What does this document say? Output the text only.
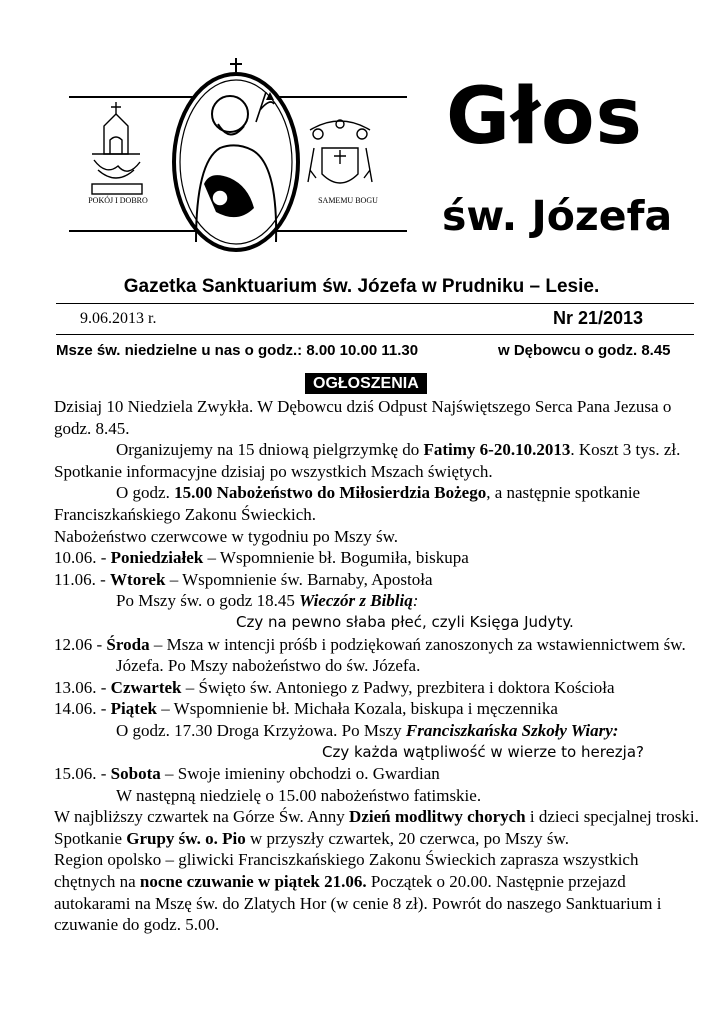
POKÓJ I DOBRO	SAMEMU BOGU
Głos
św. Józefa
Gazetka Sanktuarium św. Józefa w Prudniku – Lesie.
9.06.2013 r.	Nr 21/2013
Msze św. niedzielne u nas o godz.: 8.00 10.00 11.30	w Dębowcu o godz. 8.45
OGŁOSZENIA

Dzisiaj 10 Niedziela Zwykła. W Dębowcu dziś Odpust Najświętszego Serca Pana Jezusa o godz. 8.45.

Organizujemy na 15 dniową pielgrzymkę do Fatimy 6-20.10.2013. Koszt 3 tys. zł. Spotkanie informacyjne dzisiaj po wszystkich Mszach świętych.

O godz. 15.00 Nabożeństwo do Miłosierdzia Bożego, a następnie spotkanie Franciszkańskiego Zakonu Świeckich.

Nabożeństwo czerwcowe w tygodniu po Mszy św.

10.06. - Poniedziałek – Wspomnienie bł. Bogumiła, biskupa

11.06. - Wtorek – Wspomnienie św. Barnaby, Apostoła

Po Mszy św. o godz 18.45 Wieczór z Biblią:

Czy na pewno słaba płeć, czyli Księga Judyty.

12.06 - Środa – Msza w intencji próśb i podziękowań zanoszonych za wstawiennictwem św. Józefa. Po Mszy nabożeństwo do św. Józefa.

13.06. - Czwartek – Święto św. Antoniego z Padwy, prezbitera i doktora Kościoła

14.06. - Piątek – Wspomnienie bł. Michała Kozala, biskupa i męczennika

O godz. 17.30 Droga Krzyżowa. Po Mszy Franciszkańska Szkoły Wiary:

Czy każda wątpliwość w wierze to herezja?

15.06. - Sobota – Swoje imieniny obchodzi o. Gwardian

W następną niedzielę o 15.00 nabożeństwo fatimskie.

W najbliższy czwartek na Górze Św. Anny Dzień modlitwy chorych i dzieci specjalnej troski.

Spotkanie Grupy św. o. Pio w przyszły czwartek, 20 czerwca, po Mszy św.

Region opolsko – gliwicki Franciszkańskiego Zakonu Świeckich zaprasza wszystkich chętnych na nocne czuwanie w piątek 21.06. Początek o 20.00. Następnie przejazd autokarami na Mszę św. do Zlatych Hor (w cenie 8 zł). Powrót do naszego Sanktuarium i czuwanie do godz. 5.00.
